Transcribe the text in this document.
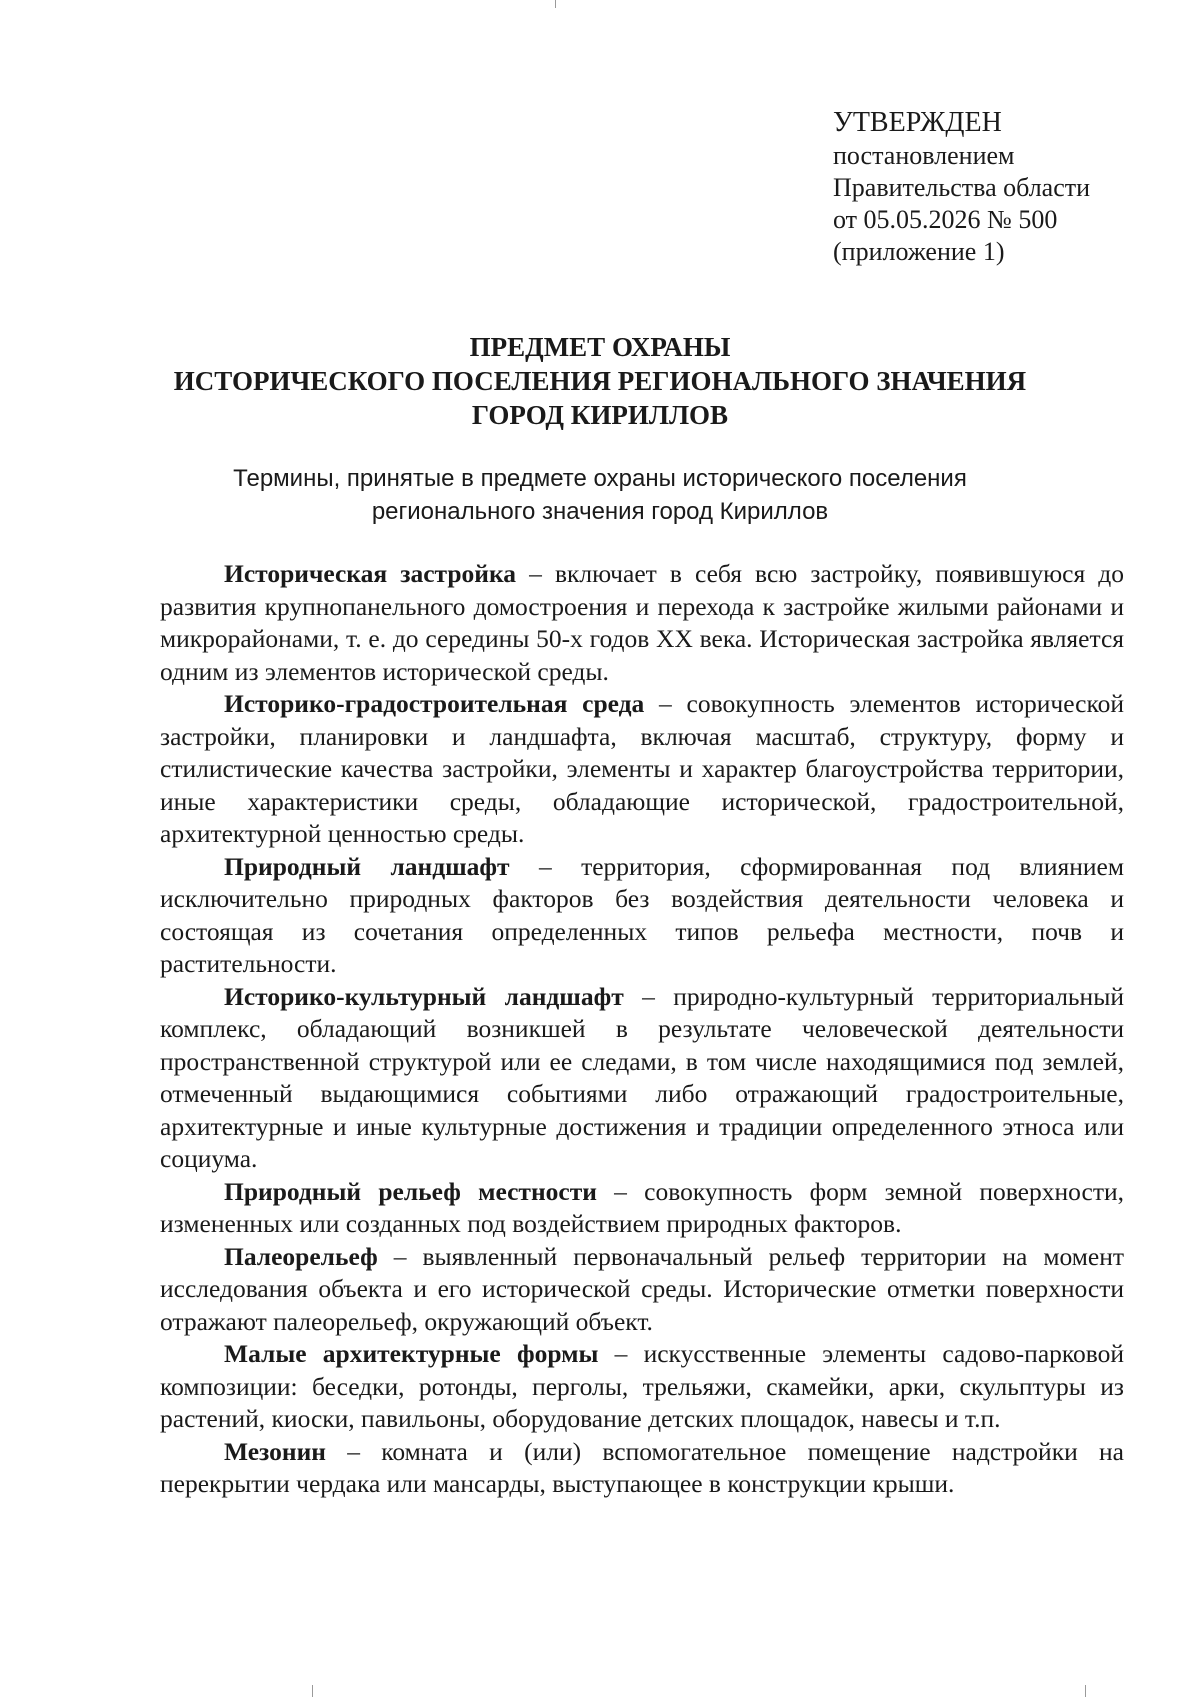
УТВЕРЖДЕН
постановлением
Правительства области
от 05.05.2026 № 500
(приложение 1)
ПРЕДМЕТ ОХРАНЫ
ИСТОРИЧЕСКОГО ПОСЕЛЕНИЯ РЕГИОНАЛЬНОГО ЗНАЧЕНИЯ
ГОРОД КИРИЛЛОВ
Термины, принятые в предмете охраны исторического поселения
регионального значения город Кириллов

Историческая застройка – включает в себя всю застройку, появившуюся до развития крупнопанельного домостроения и перехода к застройке жилыми районами и микрорайонами, т. е. до середины 50-х годов XX века. Историческая застройка является одним из элементов исторической среды.

Историко-градостроительная среда – совокупность элементов исторической застройки, планировки и ландшафта, включая масштаб, структуру, форму и стилистические качества застройки, элементы и характер благоустройства территории, иные характеристики среды, обладающие исторической, градостроительной, архитектурной ценностью среды.

Природный ландшафт – территория, сформированная под влиянием исключительно природных факторов без воздействия деятельности человека и состоящая из сочетания определенных типов рельефа местности, почв и растительности.

Историко-культурный ландшафт – природно-культурный территориальный комплекс, обладающий возникшей в результате человеческой деятельности пространственной структурой или ее следами, в том числе находящимися под землей, отмеченный выдающимися событиями либо отражающий градостроительные, архитектурные и иные культурные достижения и традиции определенного этноса или социума.

Природный рельеф местности – совокупность форм земной поверхности, измененных или созданных под воздействием природных факторов.

Палеорельеф – выявленный первоначальный рельеф территории на момент исследования объекта и его исторической среды. Исторические отметки поверхности отражают палеорельеф, окружающий объект.

Малые архитектурные формы – искусственные элементы садово-парковой композиции: беседки, ротонды, перголы, трельяжи, скамейки, арки, скульптуры из растений, киоски, павильоны, оборудование детских площадок, навесы и т.п.

Мезонин – комната и (или) вспомогательное помещение надстройки на перекрытии чердака или мансарды, выступающее в конструкции крыши.
